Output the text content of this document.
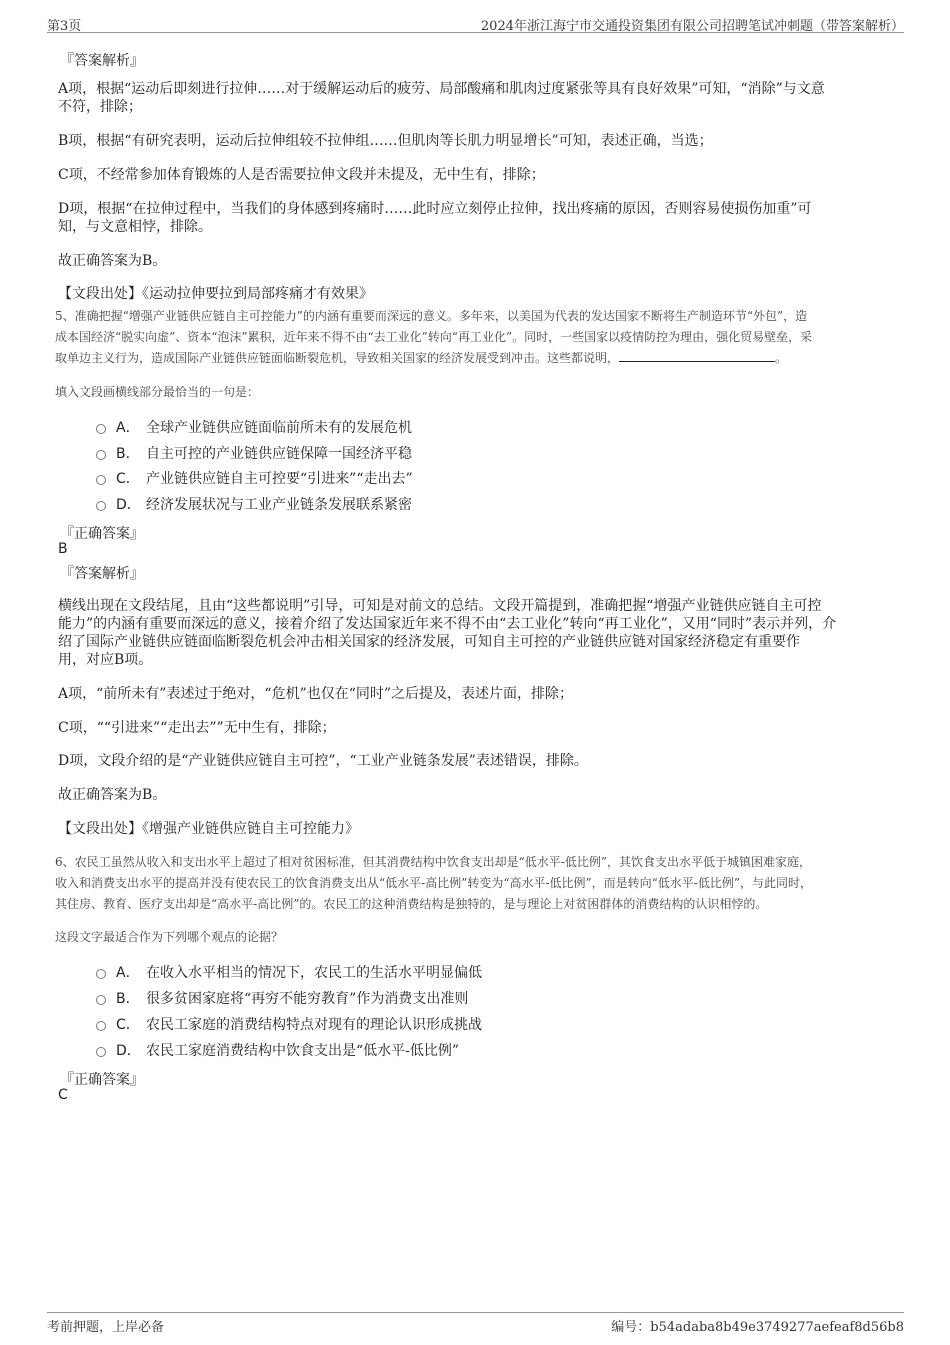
第3页	2024年浙江海宁市交通投资集团有限公司招聘笔试冲刺题（带答案解析）
『答案解析』
A项，根据“运动后即刻进行拉伸……对于缓解运动后的疲劳、局部酸痛和肌肉过度紧张等具有良好效果”可知，“消除”与文意
不符，排除；
B项，根据“有研究表明，运动后拉伸组较不拉伸组……但肌肉等长肌力明显增长”可知，表述正确，当选；
C项，不经常参加体育锻炼的人是否需要拉伸文段并未提及，无中生有，排除；
D项，根据“在拉伸过程中，当我们的身体感到疼痛时……此时应立刻停止拉伸，找出疼痛的原因，否则容易使损伤加重”可
知，与文意相悖，排除。
故正确答案为B。
【文段出处】《运动拉伸要拉到局部疼痛才有效果》
5、准确把握“增强产业链供应链自主可控能力”的内涵有重要而深远的意义。多年来，以美国为代表的发达国家不断将生产制造环节“外包”，造
成本国经济“脱实向虚”、资本“泡沫”累积，近年来不得不由“去工业化”转向“再工业化”。同时，一些国家以疫情防控为理由，强化贸易壁垒，采
取单边主义行为，造成国际产业链供应链面临断裂危机，导致相关国家的经济发展受到冲击。这些都说明，	。
填入文段画横线部分最恰当的一句是：
A． 全球产业链供应链面临前所未有的发展危机
B． 自主可控的产业链供应链保障一国经济平稳
C． 产业链供应链自主可控要“引进来”“走出去”
D． 经济发展状况与工业产业链条发展联系紧密
『正确答案』
B
『答案解析』
横线出现在文段结尾，且由“这些都说明”引导，可知是对前文的总结。文段开篇提到，准确把握“增强产业链供应链自主可控
能力”的内涵有重要而深远的意义，接着介绍了发达国家近年来不得不由“去工业化”转向“再工业化”，又用“同时”表示并列，介
绍了国际产业链供应链面临断裂危机会冲击相关国家的经济发展，可知自主可控的产业链供应链对国家经济稳定有重要作
用，对应B项。
A项，“前所未有”表述过于绝对，“危机”也仅在“同时”之后提及，表述片面，排除；
C项，““引进来”“走出去””无中生有，排除；
D项，文段介绍的是“产业链供应链自主可控”，“工业产业链条发展”表述错误，排除。
故正确答案为B。
【文段出处】《增强产业链供应链自主可控能力》
6、农民工虽然从收入和支出水平上超过了相对贫困标准，但其消费结构中饮食支出却是“低水平-低比例”，其饮食支出水平低于城镇困难家庭，
收入和消费支出水平的提高并没有使农民工的饮食消费支出从“低水平-高比例”转变为“高水平-低比例”，而是转向“低水平-低比例”，与此同时，
其住房、教育、医疗支出却是“高水平-高比例”的。农民工的这种消费结构是独特的，是与理论上对贫困群体的消费结构的认识相悖的。
这段文字最适合作为下列哪个观点的论据？
A． 在收入水平相当的情况下，农民工的生活水平明显偏低
B． 很多贫困家庭将“再穷不能穷教育”作为消费支出准则
C． 农民工家庭的消费结构特点对现有的理论认识形成挑战
D． 农民工家庭消费结构中饮食支出是“低水平-低比例”
『正确答案』
C
考前押题，上岸必备	编号：b54adaba8b49e3749277aefeaf8d56b8
